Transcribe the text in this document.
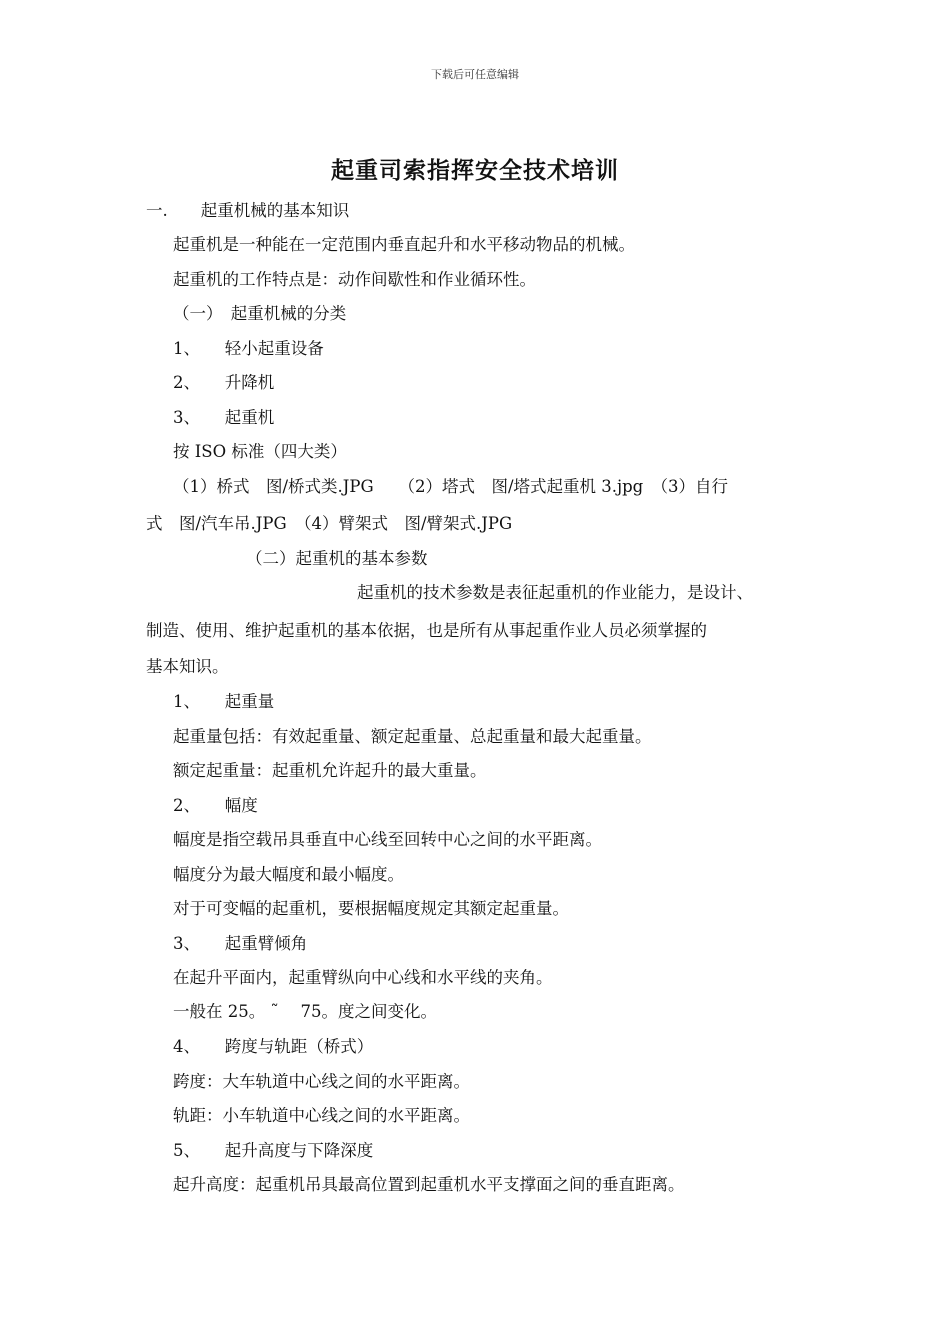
下载后可任意编辑
起重司索指挥安全技术培训
一.　　起重机械的基本知识
起重机是一种能在一定范围内垂直起升和水平移动物品的机械。
起重机的工作特点是：动作间歇性和作业循环性。
（一）　起重机械的分类
1、　　轻小起重设备
2、　　升降机
3、　　起重机
按 ISO 标准（四大类）
（1）桥式　图/桥式类.JPG　　（2）塔式　图/塔式起重机 3.jpg　（3）自行
式　图/汽车吊.JPG　（4）臂架式　图/臂架式.JPG
（二）起重机的基本参数
起重机的技术参数是表征起重机的作业能力，是设计、
制造、使用、维护起重机的基本依据，也是所有从事起重作业人员必须掌握的
基本知识。
1、　　起重量
起重量包括：有效起重量、额定起重量、总起重量和最大起重量。
额定起重量：起重机允许起升的最大重量。
2、　　幅度
幅度是指空载吊具垂直中心线至回转中心之间的水平距离。
幅度分为最大幅度和最小幅度。
对于可变幅的起重机，要根据幅度规定其额定起重量。
3、　　起重臂倾角
在起升平面内，起重臂纵向中心线和水平线的夹角。
一般在 25。 ˜　 75。度之间变化。
4、　　跨度与轨距（桥式）
跨度：大车轨道中心线之间的水平距离。
轨距：小车轨道中心线之间的水平距离。
5、　　起升高度与下降深度
起升高度：起重机吊具最高位置到起重机水平支撑面之间的垂直距离。
